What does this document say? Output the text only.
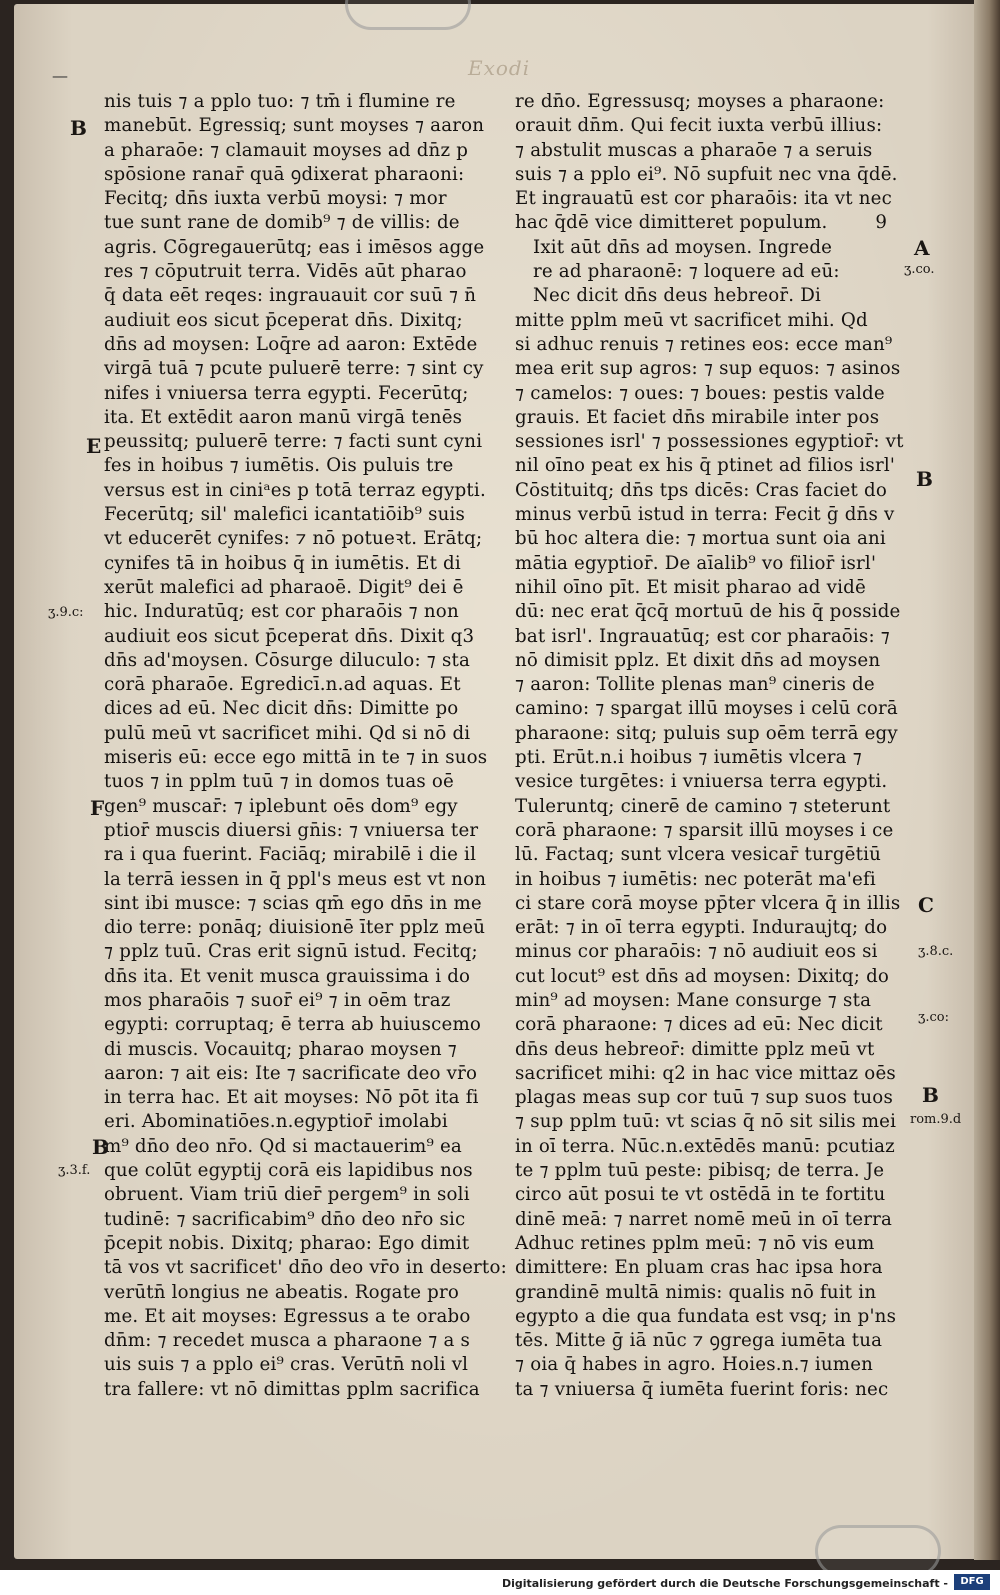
Exodi
—
nis tuis ⁊ a pplo tuo: ⁊ tm̄ i flumine re
manebūt. Egressiq; sunt moyses ⁊ aaron
a pharaōe: ⁊ clamauit moyses ad dn̄z p
spōsione ranar̄ quā ꝯdixerat pharaoni:
Fecitq; dn̄s iuxta verbū moysi: ⁊ mor
tue sunt rane de domib⁹ ⁊ de villis: de
agris. Cōgregauerūtq; eas i imēsos agge
res ⁊ cōputruit terra. Vidēs aūt pharao
q̄ data eēt reqes: ingrauauit cor suū ⁊ n̄
audiuit eos sicut p̄ceperat dn̄s. Dixitq;
dn̄s ad moysen: Loq̄re ad aaron: Extēde
virgā tuā ⁊ pcute puluerē terre: ⁊ sint cy
nifes i vniuersa terra egypti. Fecerūtq;
ita. Et extēdit aaron manū virgā tenēs
peussitq; puluerē terre: ⁊ facti sunt cyni
fes in hoibus ⁊ iumētis. Ois puluis tre
versus est in ciniᵃes p totā terraz egypti.
Fecerūtq; sil' malefici icantatiōib⁹ suis
vt educerēt cynifes: ⁊ nō potueꝛt. Erātq;
cynifes tā in hoibus q̄ in iumētis. Et di
xerūt malefici ad pharaoē. Digit⁹ dei ē
hic. Induratūq; est cor pharaōis ⁊ non
audiuit eos sicut p̄ceperat dn̄s. Dixit q3
dn̄s ad'moysen. Cōsurge diluculo: ⁊ sta
corā pharaōe. Egredicī.n.ad aquas. Et
dices ad eū. Nec dicit dn̄s: Dimitte po
pulū meū vt sacrificet mihi. Qd si nō di
miseris eū: ecce ego mittā in te ⁊ in suos
tuos ⁊ in pplm tuū ⁊ in domos tuas oē
gen⁹ muscar̄: ⁊ iplebunt oēs dom⁹ egy
ptior̄ muscis diuersi gn̄is: ⁊ vniuersa ter
ra i qua fuerint. Faciāq; mirabilē i die il
la terrā iessen in q̄ ppl's meus est vt non
sint ibi musce: ⁊ scias qm̄ ego dn̄s in me
dio terre: ponāq; diuisionē īter pplz meū
⁊ pplz tuū. Cras erit signū istud. Fecitq;
dn̄s ita. Et venit musca grauissima i do
mos pharaōis ⁊ suor̄ ei⁹ ⁊ in oēm traz
egypti: corruptaq; ē terra ab huiuscemo
di muscis. Vocauitq; pharao moysen ⁊
aaron: ⁊ ait eis: Ite ⁊ sacrificate deo vr̄o
in terra hac. Et ait moyses: Nō pōt ita fi
eri. Abominatiōes.n.egyptior̄ imolabi
m⁹ dn̄o deo nr̄o. Qd si mactauerim⁹ ea
que colūt egyptij corā eis lapidibus nos
obruent. Viam triū dier̄ pergem⁹ in soli
tudinē: ⁊ sacrificabim⁹ dn̄o deo nr̄o sic
p̄cepit nobis. Dixitq; pharao: Ego dimit
tā vos vt sacrificet' dn̄o deo vr̄o in deserto:
verūtn̄ longius ne abeatis. Rogate pro
me. Et ait moyses: Egressus a te orabo
dn̄m: ⁊ recedet musca a pharaone ⁊ a s
uis suis ⁊ a pplo ei⁹ cras. Verūtn̄ noli vl
tra fallere: vt nō dimittas pplm sacrifica
re dn̄o. Egressusq; moyses a pharaone:
orauit dn̄m. Qui fecit iuxta verbū illius:
⁊ abstulit muscas a pharaōe ⁊ a seruis
suis ⁊ a pplo ei⁹. Nō supfuit nec vna q̄dē.
Et ingrauatū est cor pharaōis: ita vt nec
hac q̄dē vice dimitteret populum.        9
Ixit aūt dn̄s ad moysen. Ingrede
re ad pharaonē: ⁊ loquere ad eū:
Nec dicit dn̄s deus hebreor̄. Di
mitte pplm meū vt sacrificet mihi. Qd
si adhuc renuis ⁊ retines eos: ecce man⁹
mea erit sup agros: ⁊ sup equos: ⁊ asinos
⁊ camelos: ⁊ oues: ⁊ boues: pestis valde
grauis. Et faciet dn̄s mirabile inter pos
sessiones isrl' ⁊ possessiones egyptior̄: vt
nil oīno peat ex his q̄ ptinet ad filios isrl'
Cōstituitq; dn̄s tps dicēs: Cras faciet do
minus verbū istud in terra: Fecit ḡ dn̄s v
bū hoc altera die: ⁊ mortua sunt oia ani
mātia egyptior̄. De aīalib⁹ vo filior̄ isrl'
nihil oīno pīt. Et misit pharao ad vidē
dū: nec erat q̄cq̄ mortuū de his q̄ posside
bat isrl'. Ingrauatūq; est cor pharaōis: ⁊
nō dimisit pplz. Et dixit dn̄s ad moysen
⁊ aaron: Tollite plenas man⁹ cineris de
camino: ⁊ spargat illū moyses i celū corā
pharaone: sitq; puluis sup oēm terrā egy
pti. Erūt.n.i hoibus ⁊ iumētis vlcera ⁊
vesice turgētes: i vniuersa terra egypti.
Tuleruntq; cinerē de camino ⁊ steterunt
corā pharaone: ⁊ sparsit illū moyses i ce
lū. Factaq; sunt vlcera vesicar̄ turgētiū
in hoibus ⁊ iumētis: nec poterāt ma'efi
ci stare corā moyse pp̄ter vlcera q̄ in illis
erāt: ⁊ in oī terra egypti. Induraujtq; do
minus cor pharaōis: ⁊ nō audiuit eos si
cut locut⁹ est dn̄s ad moysen: Dixitq; do
min⁹ ad moysen: Mane consurge ⁊ sta
corā pharaone: ⁊ dices ad eū: Nec dicit
dn̄s deus hebreor̄: dimitte pplz meū vt
sacrificet mihi: q2 in hac vice mittaz oēs
plagas meas sup cor tuū ⁊ sup suos tuos
⁊ sup pplm tuū: vt scias q̄ nō sit silis mei
in oī terra. Nūc.n.extēdēs manū: pcutiaz
te ⁊ pplm tuū peste: pibisq; de terra. Je
circo aūt posui te vt ostēdā in te fortitu
dinē meā: ⁊ narret nomē meū in oī terra
Adhuc retines pplm meū: ⁊ nō vis eum
dimittere: En pluam cras hac ipsa hora
grandinē multā nimis: qualis nō fuit in
egypto a die qua fundata est vsq; in p'ns
tēs. Mitte ḡ iā nūc ⁊ ꝯgrega iumēta tua
⁊ oia q̄ habes in agro. Hoies.n.⁊ iumen
ta ⁊ vniuersa q̄ iumēta fuerint foris: nec
B
E
ʒ.9.c:
F
B
ʒ.3.f.
A
ʒ.co.
B
C
ʒ.8.c.
ʒ.co:
B
rom.9.d
Digitalisierung gefördert durch die Deutsche Forschungsgemeinschaft -	DFG
